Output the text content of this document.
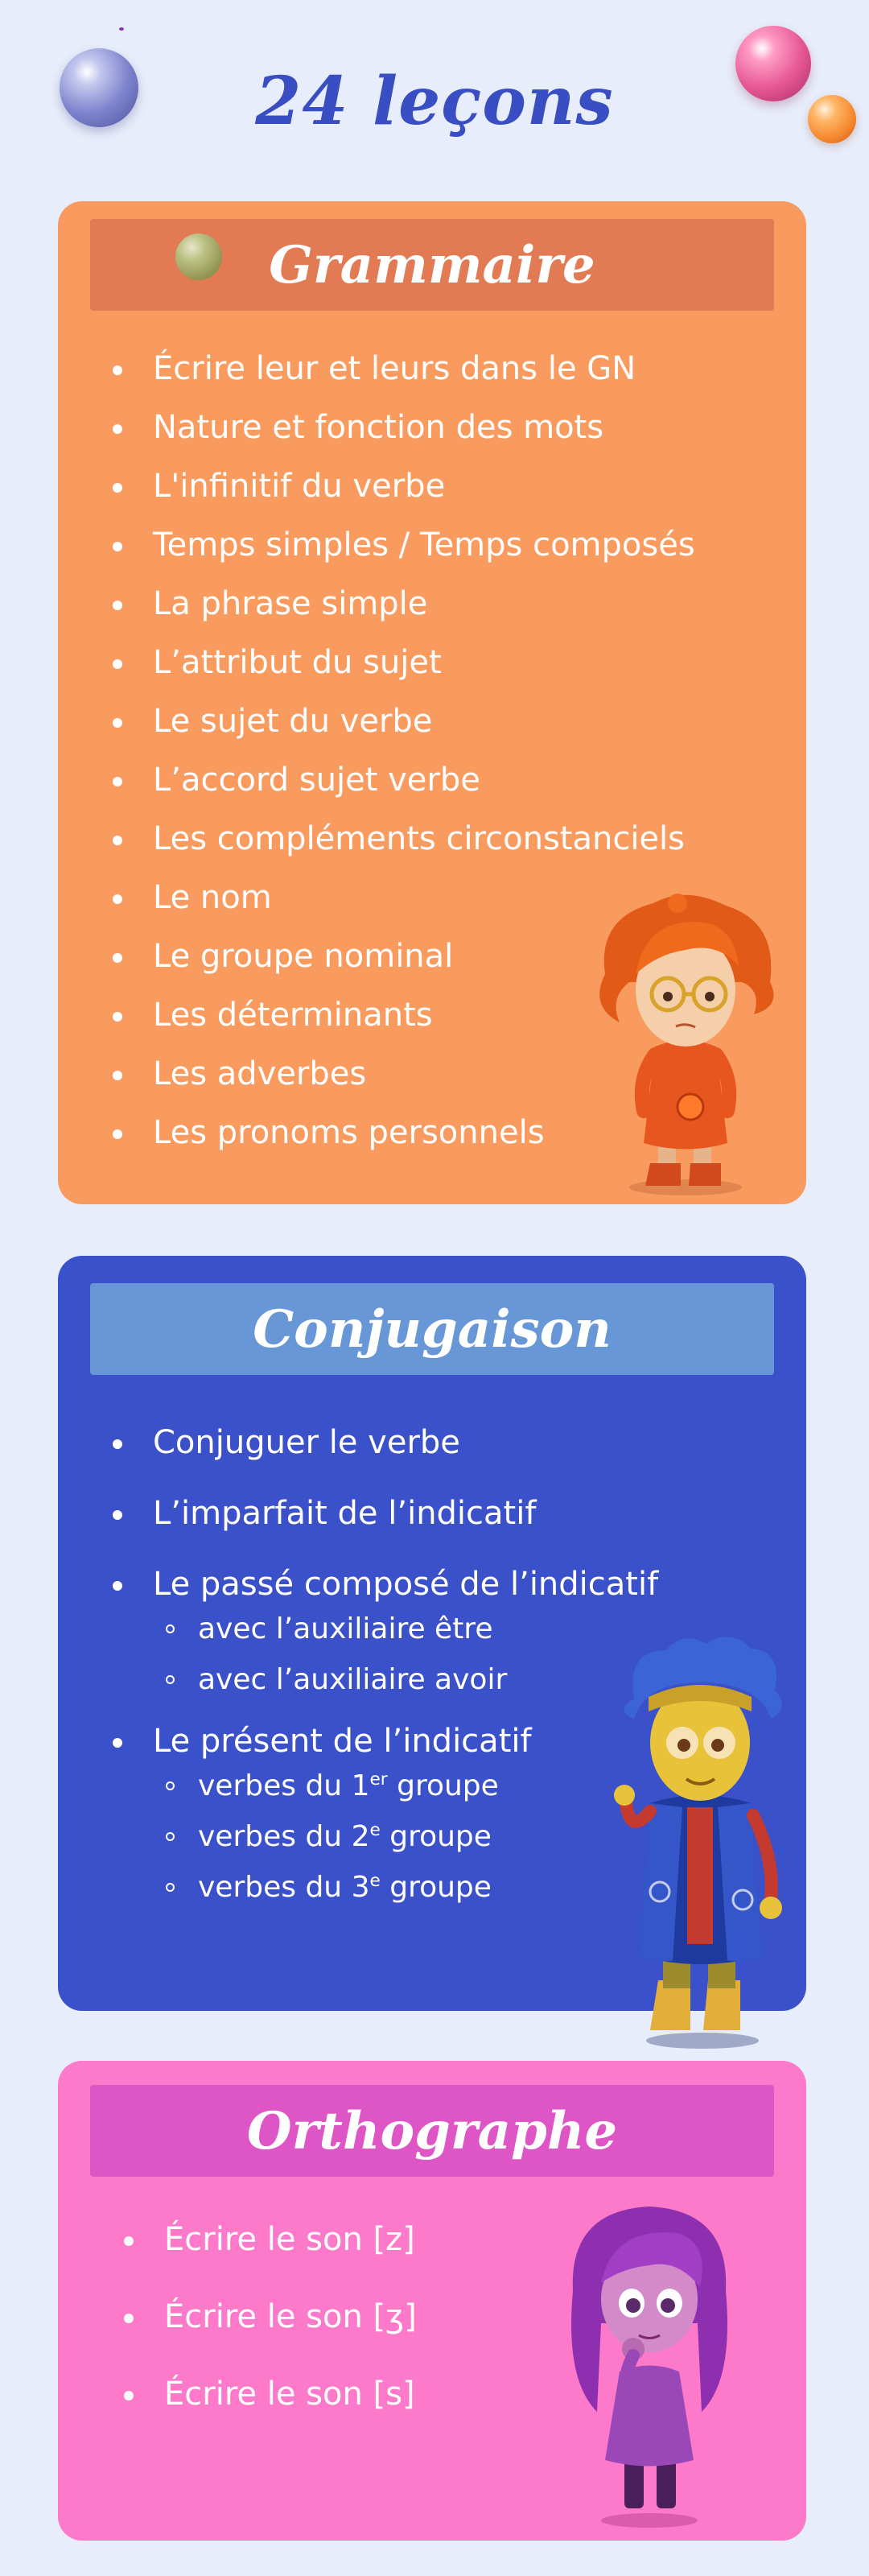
24 leçons
Grammaire
Écrire leur et leurs dans le GN
Nature et fonction des mots
L'infinitif du verbe
Temps simples / Temps composés
La phrase simple
L’attribut du sujet
Le sujet du verbe
L’accord sujet verbe
Les compléments circonstanciels
Le nom
Le groupe nominal
Les déterminants
Les adverbes
Les pronoms personnels
Conjugaison
Conjuguer le verbe
L’imparfait de l’indicatif
Le passé composé de l’indicatif
avec l’auxiliaire être
avec l’auxiliaire avoir
Le présent de l’indicatif
verbes du 1er groupe
verbes du 2e groupe
verbes du 3e groupe
Orthographe
Écrire le son [z]
Écrire le son [ʒ]
Écrire le son [s]
